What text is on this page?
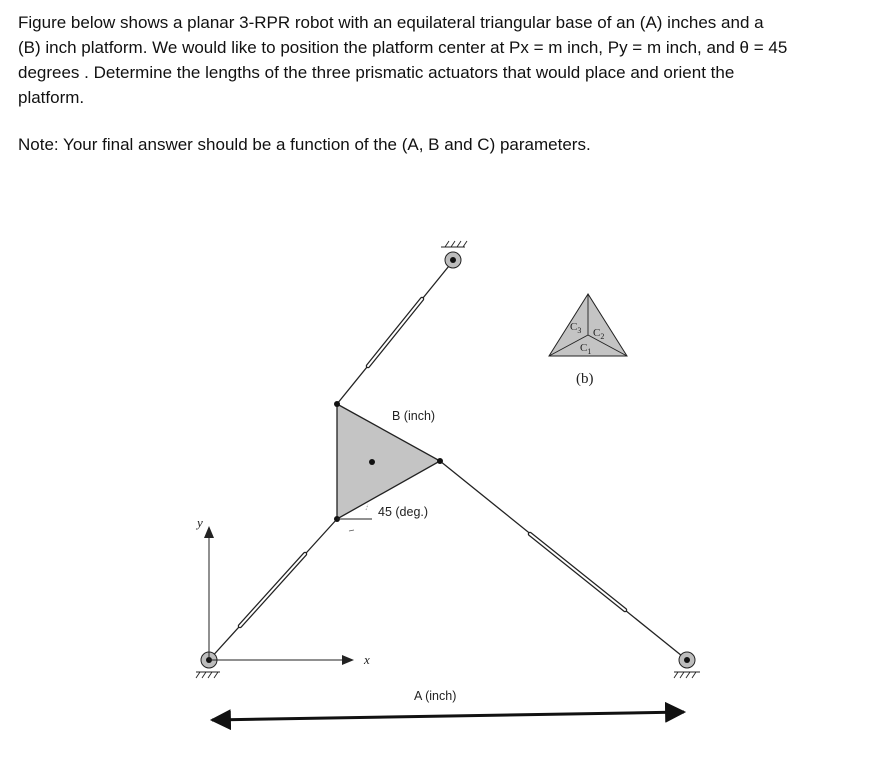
Figure below shows a planar 3-RPR robot with an equilateral triangular base of an (A) inches and a (B) inch platform. We would like to position the platform center at Px = m inch, Py = m inch, and θ = 45 degrees . Determine the lengths of the three prismatic actuators that would place and orient the platform.

Note: Your final answer should be a function of the (A, B and C) parameters.

45 (deg.)
B (inch)
y
x
A (inch)
$C_3$ $C_2$
$C_1$
(b)
